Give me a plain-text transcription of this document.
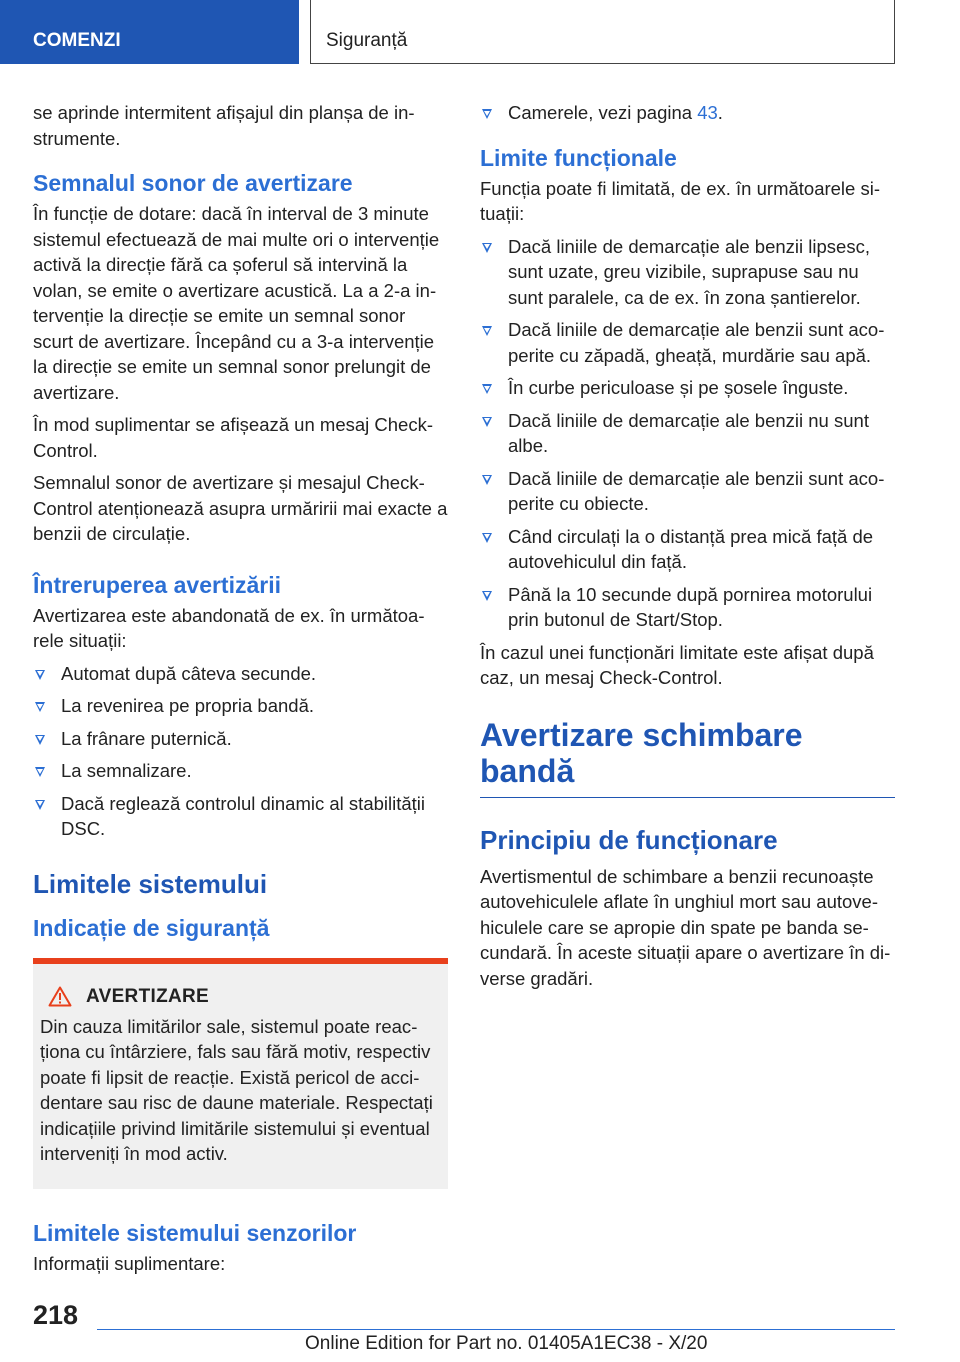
COMENZI	Siguranță

se aprinde intermitent afișajul din planșa de instrumente.

Semnalul sonor de avertizare

În funcție de dotare: dacă în interval de 3 minute sistemul efectuează de mai multe ori o intervenție activă la direcție fără ca șoferul să intervină la volan, se emite o avertizare acustică. La a 2-a intervenție la direcție se emite un semnal sonor scurt de avertizare. Începând cu a 3-a intervenție la direcție se emite un semnal sonor prelungit de avertizare.

În mod suplimentar se afișează un mesaj Check-Control.

Semnalul sonor de avertizare și mesajul Check-Control atenționează asupra urmăririi mai exacte a benzii de circulație.

Întreruperea avertizării

Avertizarea este abandonată de ex. în următoarele situații:

Automat după câteva secunde.
La revenirea pe propria bandă.
La frânare puternică.
La semnalizare.
Dacă reglează controlul dinamic al stabilității DSC.
Limitele sistemului
Indicație de siguranță
AVERTIZARE

Din cauza limitărilor sale, sistemul poate reacționa cu întârziere, fals sau fără motiv, respectiv poate fi lipsit de reacție. Există pericol de accidentare sau risc de daune materiale. Respectați indicațiile privind limitările sistemului și eventual interveniți în mod activ.

Limitele sistemului senzorilor

Informații suplimentare:

Camerele, vezi pagina 43.
Limite funcționale

Funcția poate fi limitată, de ex. în următoarele situații:

Dacă liniile de demarcație ale benzii lipsesc, sunt uzate, greu vizibile, suprapuse sau nu sunt paralele, ca de ex. în zona șantierelor.
Dacă liniile de demarcație ale benzii sunt acoperite cu zăpadă, gheață, murdărie sau apă.
În curbe periculoase și pe șosele înguste.
Dacă liniile de demarcație ale benzii nu sunt albe.
Dacă liniile de demarcație ale benzii sunt acoperite cu obiecte.
Când circulați la o distanță prea mică față de autovehiculul din față.
Până la 10 secunde după pornirea motorului prin butonul de Start/Stop.

În cazul unei funcționări limitate este afișat după caz, un mesaj Check-Control.

Avertizare schimbare bandă
Principiu de funcționare

Avertismentul de schimbare a benzii recunoaște autovehiculele aflate în unghiul mort sau autovehiculele care se apropie din spate pe banda secundară. În aceste situații apare o avertizare în diverse gradări.

218
Online Edition for Part no. 01405A1EC38 - X/20
